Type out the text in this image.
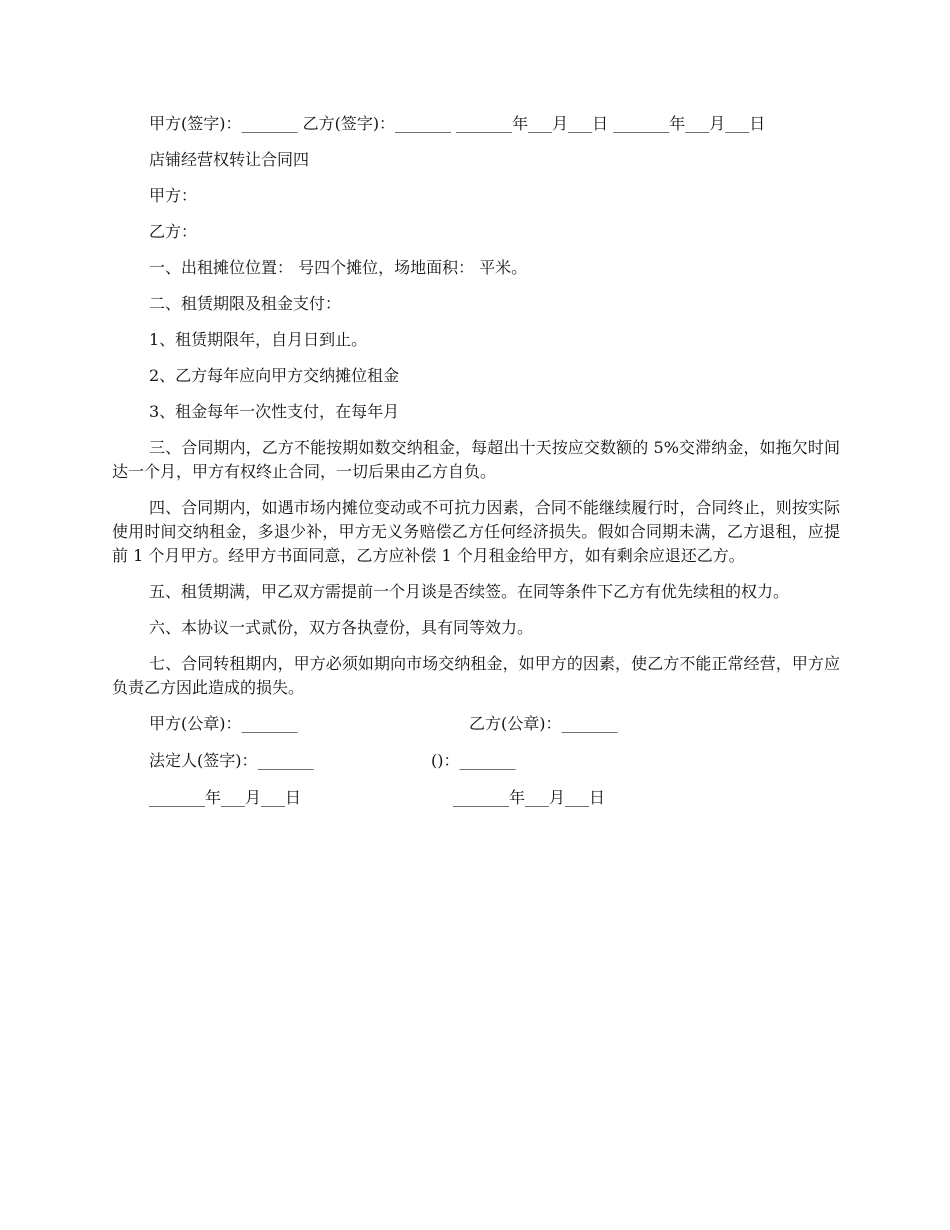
甲方(签字)：_______ 乙方(签字)：_______ _______年___月___日 _______年___月___日

店铺经营权转让合同四

甲方：

乙方：

一、出租摊位位置： 号四个摊位，场地面积： 平米。

二、租赁期限及租金支付：

1、租赁期限年，自月日到止。

2、乙方每年应向甲方交纳摊位租金

3、租金每年一次性支付，在每年月

三、合同期内，乙方不能按期如数交纳租金，每超出十天按应交数额的 5%交滞纳金，如拖欠时间达一个月，甲方有权终止合同，一切后果由乙方自负。

四、合同期内，如遇市场内摊位变动或不可抗力因素，合同不能继续履行时，合同终止，则按实际使用时间交纳租金，多退少补，甲方无义务赔偿乙方任何经济损失。假如合同期未满，乙方退租，应提前 1 个月甲方。经甲方书面同意，乙方应补偿 1 个月租金给甲方，如有剩余应退还乙方。

五、租赁期满，甲乙双方需提前一个月谈是否续签。在同等条件下乙方有优先续租的权力。

六、本协议一式贰份，双方各执壹份，具有同等效力。

七、合同转租期内，甲方必须如期向市场交纳租金，如甲方的因素，使乙方不能正常经营，甲方应负责乙方因此造成的损失。

甲方(公章)：_______	乙方(公章)：_______
法定人(签字)：_______	()：_______
_______年___月___日	_______年___月___日
